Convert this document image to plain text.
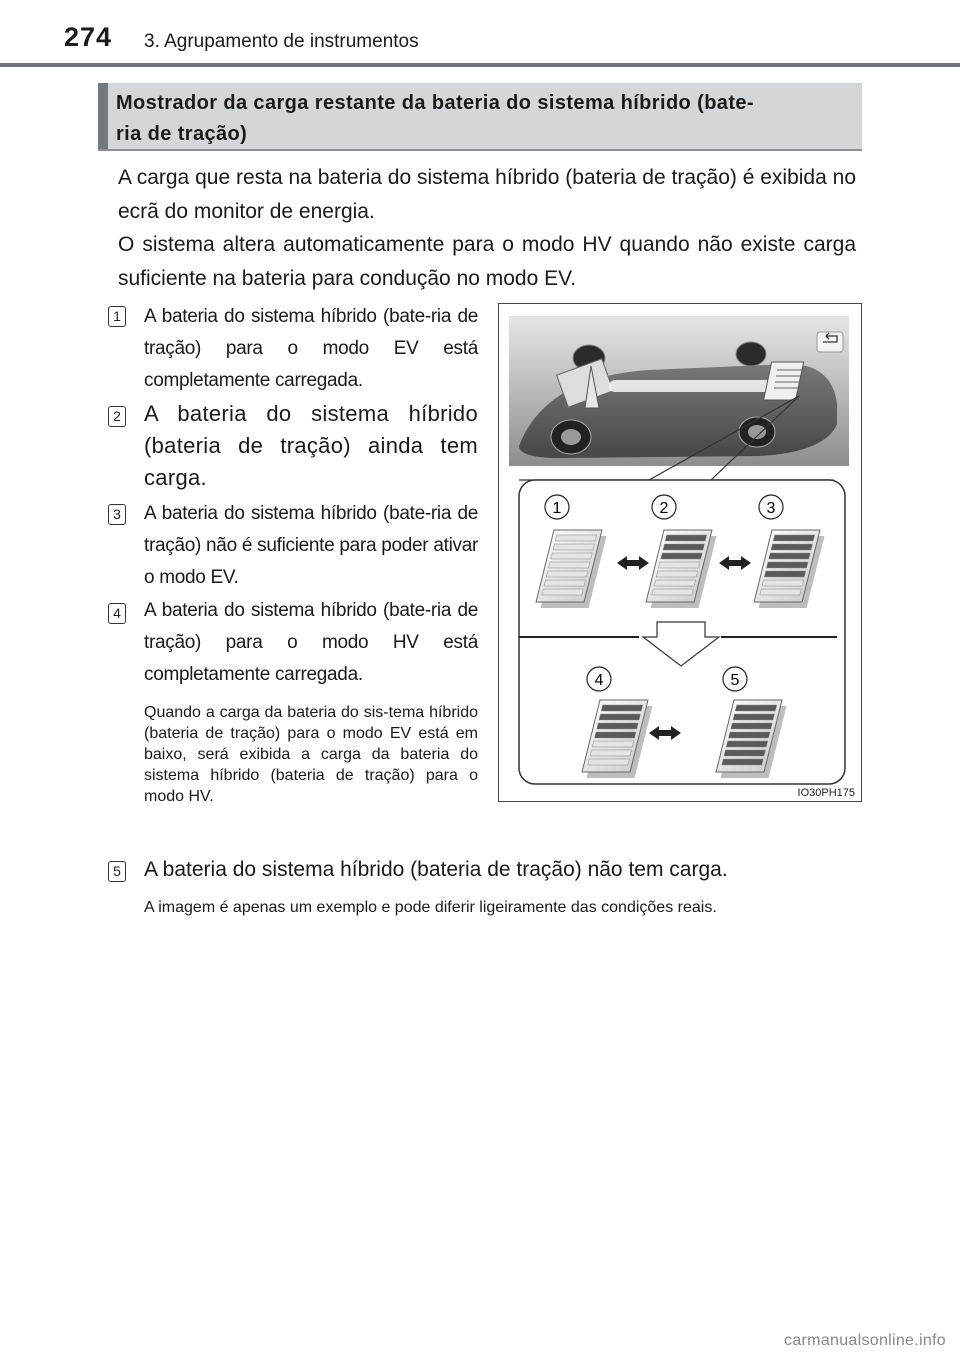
274 3. Agrupamento de instrumentos
Mostrador da carga restante da bateria do sistema híbrido (bate-
ria de tração)

A carga que resta na bateria do sistema híbrido (bateria de tração) é exibida no ecrã do monitor de energia.

O sistema altera automaticamente para o modo HV quando não existe carga suficiente na bateria para condução no modo EV.

1 A bateria do sistema híbrido (bate-ria de tração) para o modo EV está completamente carregada.

2 A bateria do sistema híbrido (bateria de tração) ainda tem carga.

3 A bateria do sistema híbrido (bate-ria de tração) não é suficiente para poder ativar o modo EV.

4 A bateria do sistema híbrido (bate-ria de tração) para o modo HV está completamente carregada.

Quando a carga da bateria do sis-tema híbrido (bateria de tração) para o modo EV está em baixo, será exibida a carga da bateria do sistema híbrido (bateria de tração) para o modo HV.

5 A bateria do sistema híbrido (bateria de tração) não tem carga.

A imagem é apenas um exemplo e pode diferir ligeiramente das condições reais.

1	2	3
4	5
IO30PH175
carmanualsonline.info
